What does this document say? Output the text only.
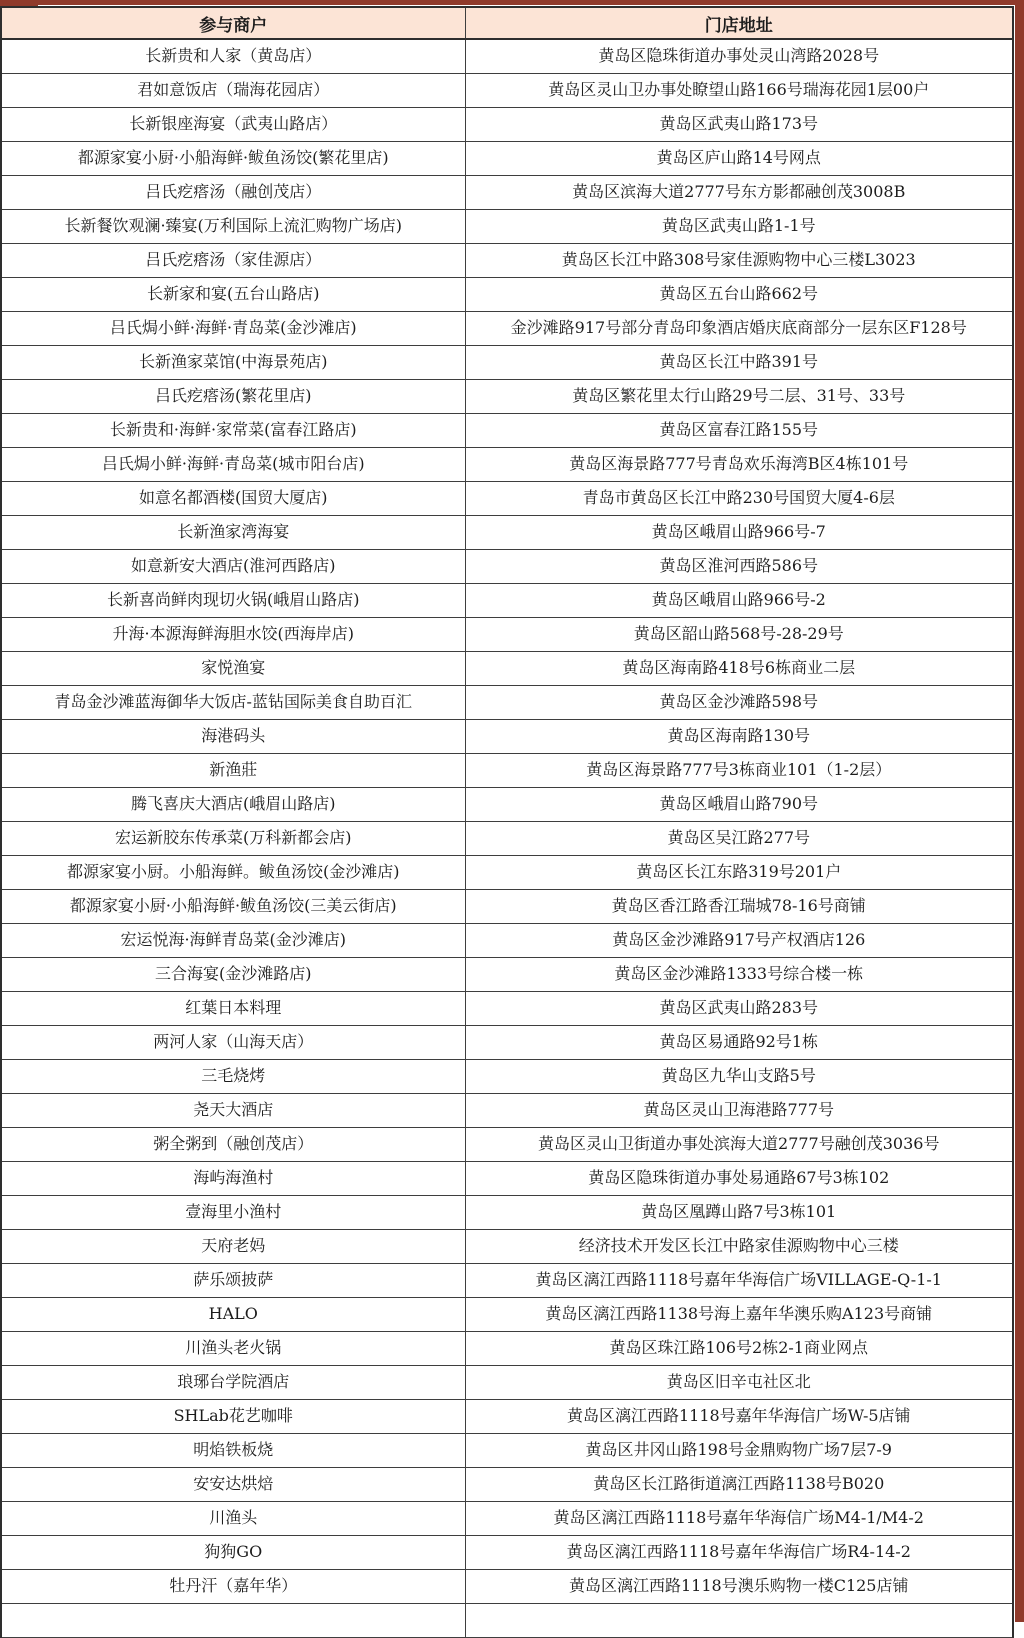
参与商户	门店地址
长新贵和人家（黄岛店）	黄岛区隐珠街道办事处灵山湾路2028号
君如意饭店（瑞海花园店）	黄岛区灵山卫办事处瞭望山路166号瑞海花园1层00户
长新银座海宴（武夷山路店）	黄岛区武夷山路173号
都源家宴小厨·小船海鲜·鲅鱼汤饺(繁花里店)	黄岛区庐山路14号网点
吕氏疙瘩汤（融创茂店）	黄岛区滨海大道2777号东方影都融创茂3008B
长新餐饮观澜·臻宴(万利国际上流汇购物广场店)	黄岛区武夷山路1-1号
吕氏疙瘩汤（家佳源店）	黄岛区长江中路308号家佳源购物中心三楼L3023
长新家和宴(五台山路店)	黄岛区五台山路662号
吕氏焗小鲜·海鲜·青岛菜(金沙滩店)	金沙滩路917号部分青岛印象酒店婚庆底商部分一层东区F128号
长新渔家菜馆(中海景苑店)	黄岛区长江中路391号
吕氏疙瘩汤(繁花里店)	黄岛区繁花里太行山路29号二层、31号、33号
长新贵和·海鲜·家常菜(富春江路店)	黄岛区富春江路155号
吕氏焗小鲜·海鲜·青岛菜(城市阳台店)	黄岛区海景路777号青岛欢乐海湾B区4栋101号
如意名都酒楼(国贸大厦店)	青岛市黄岛区长江中路230号国贸大厦4-6层
长新渔家湾海宴	黄岛区峨眉山路966号-7
如意新安大酒店(淮河西路店)	黄岛区淮河西路586号
长新喜尚鲜肉现切火锅(峨眉山路店)	黄岛区峨眉山路966号-2
升海·本源海鲜海胆水饺(西海岸店)	黄岛区韶山路568号-28-29号
家悦渔宴	黄岛区海南路418号6栋商业二层
青岛金沙滩蓝海御华大饭店-蓝钻国际美食自助百汇	黄岛区金沙滩路598号
海港码头	黄岛区海南路130号
新渔莊	黄岛区海景路777号3栋商业101（1-2层）
腾飞喜庆大酒店(峨眉山路店)	黄岛区峨眉山路790号
宏运新胶东传承菜(万科新都会店)	黄岛区吴江路277号
都源家宴小厨。小船海鲜。鲅鱼汤饺(金沙滩店)	黄岛区长江东路319号201户
都源家宴小厨·小船海鲜·鲅鱼汤饺(三美云街店)	黄岛区香江路香江瑞城78-16号商铺
宏运悦海·海鲜青岛菜(金沙滩店)	黄岛区金沙滩路917号产权酒店126
三合海宴(金沙滩路店)	黄岛区金沙滩路1333号综合楼一栋
红葉日本料理	黄岛区武夷山路283号
两河人家（山海天店）	黄岛区易通路92号1栋
三毛烧烤	黄岛区九华山支路5号
尧天大酒店	黄岛区灵山卫海港路777号
粥全粥到（融创茂店）	黄岛区灵山卫街道办事处滨海大道2777号融创茂3036号
海屿海渔村	黄岛区隐珠街道办事处易通路67号3栋102
壹海里小渔村	黄岛区凰蹲山路7号3栋101
天府老妈	经济技术开发区长江中路家佳源购物中心三楼
萨乐颂披萨	黄岛区漓江西路1118号嘉年华海信广场VILLAGE-Q-1-1
HALO	黄岛区漓江西路1138号海上嘉年华澳乐购A123号商铺
川渔头老火锅	黄岛区珠江路106号2栋2-1商业网点
琅琊台学院酒店	黄岛区旧辛屯社区北
SHLab花艺咖啡	黄岛区漓江西路1118号嘉年华海信广场W-5店铺
明焰铁板烧	黄岛区井冈山路198号金鼎购物广场7层7-9
安安达烘焙	黄岛区长江路街道漓江西路1138号B020
川渔头	黄岛区漓江西路1118号嘉年华海信广场M4-1/M4-2
狗狗GO	黄岛区漓江西路1118号嘉年华海信广场R4-14-2
牡丹汗（嘉年华）	黄岛区漓江西路1118号澳乐购物一楼C125店铺
